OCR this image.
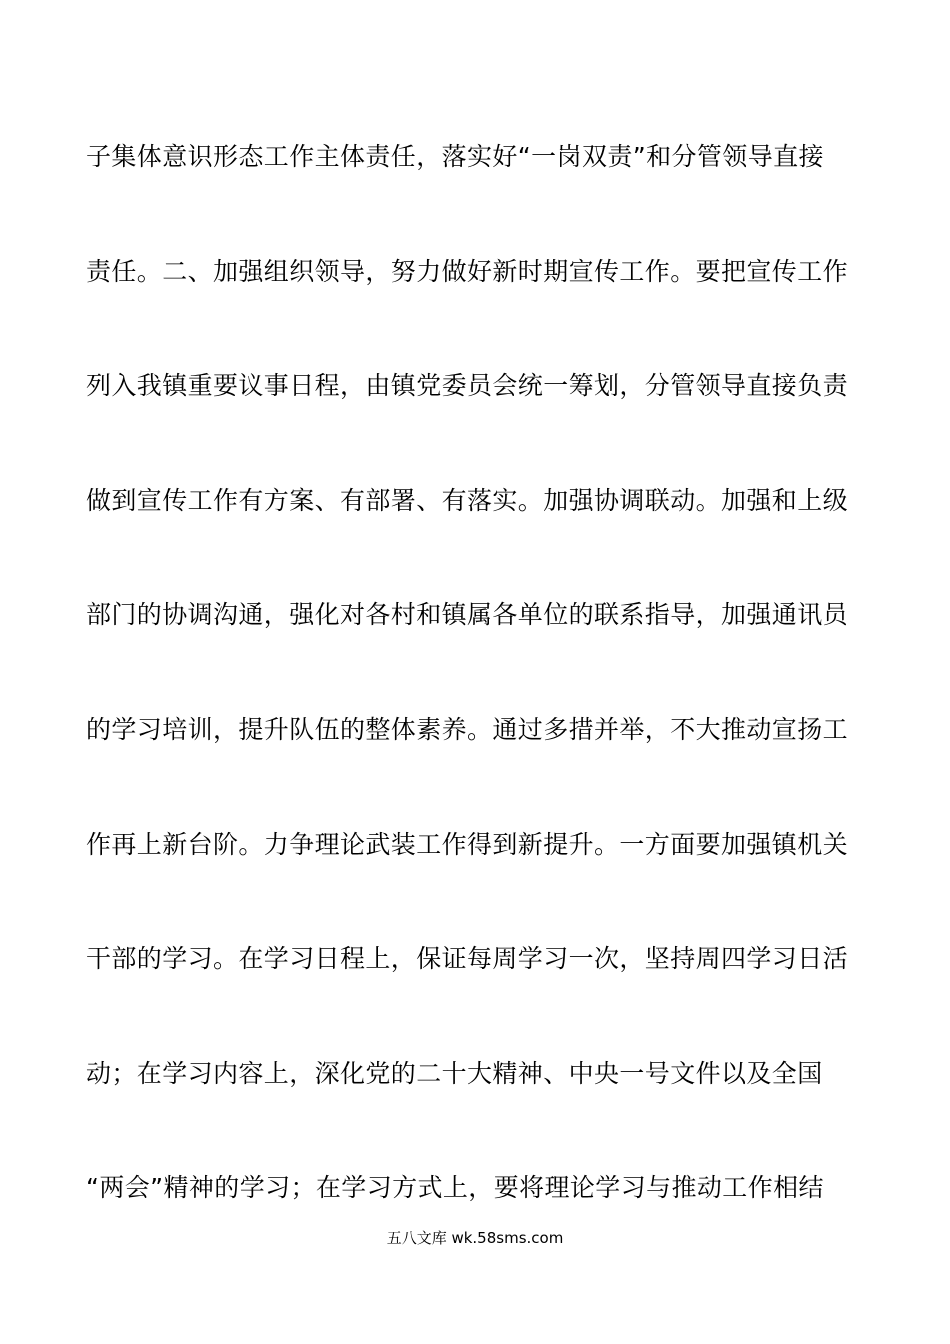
子集体意识形态工作主体责任，落实好“一岗双责”和分管领导直接
责任。二、加强组织领导，努力做好新时期宣传工作。要把宣传工作
列入我镇重要议事日程，由镇党委员会统一筹划，分管领导直接负责
做到宣传工作有方案、有部署、有落实。加强协调联动。加强和上级
部门的协调沟通，强化对各村和镇属各单位的联系指导，加强通讯员
的学习培训，提升队伍的整体素养。通过多措并举，不大推动宣扬工
作再上新台阶。力争理论武装工作得到新提升。一方面要加强镇机关
干部的学习。在学习日程上，保证每周学习一次，坚持周四学习日活
动；在学习内容上，深化党的二十大精神、中央一号文件以及全国
“两会”精神的学习；在学习方式上，要将理论学习与推动工作相结
五八文库 wk.58sms.com
